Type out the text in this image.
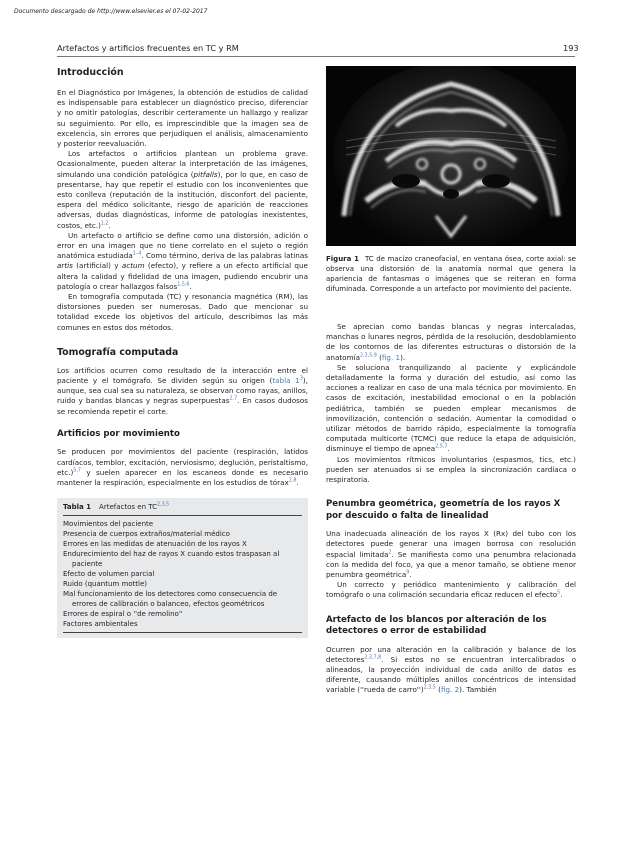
Documento descargado de http://www.elsevier.es el 07-02-2017
Artefactos y artificios frecuentes en TC y RM	193
Introducción

En el Diagnóstico por Imágenes, la obtención de estudios de calidad es indispensable para establecer un diagnóstico preciso, diferenciar y no omitir patologías, describir certeramente un hallazgo y realizar su seguimiento. Por ello, es imprescindible que la imagen sea de excelencia, sin errores que perjudiquen el análisis, almacenamiento y posterior reevaluación.

Los artefactos o artificios plantean un problema grave. Ocasionalmente, pueden alterar la interpretación de las imágenes, simulando una condición patológica (pitfalls), por lo que, en caso de presentarse, hay que repetir el estudio con los inconvenientes que esto conlleva (reputación de la institución, disconfort del paciente, espera del médico solicitante, riesgo de aparición de reacciones adversas, dudas diagnósticas, informe de patologías inexistentes, costos, etc.)$^{1,2}$.

Un artefacto o artificio se define como una distorsión, adición o error en una imagen que no tiene correlato en el sujeto o región anatómica estudiada$^{1-4}$. Como término, deriva de las palabras latinas artis (artificial) y actum (efecto), y refiere a un efecto artificial que altera la calidad y fidelidad de una imagen, pudiendo encubrir una patología o crear hallazgos falsos$^{1,5,6}$.

En tomografía computada (TC) y resonancia magnética (RM), las distorsiones pueden ser numerosas. Dado que mencionar su totalidad excede los objetivos del artículo, describimos las más comunes en estos dos métodos.

Tomografía computada

Los artificios ocurren como resultado de la interacción entre el paciente y el tomógrafo. Se dividen según su origen (tabla $1^3$), aunque, sea cual sea su naturaleza, se observan como rayas, anillos, ruido y bandas blancas y negras superpuestas$^{2,7}$. En casos dudosos se recomienda repetir el corte.

Artificios por movimiento

Se producen por movimientos del paciente (respiración, latidos cardíacos, temblor, excitación, nerviosismo, deglución, peristaltismo, etc.)$^{5,7}$ y suelen aparecer en los escaneos donde es necesario mantener la respiración, especialmente en los estudios de tórax$^{2,8}$.

Tabla 1 Artefactos en TC$^{2,3,5}$
Movimientos del paciente
Presencia de cuerpos extraños/material médico
Errores en las medidas de atenuación de los rayos X
Endurecimiento del haz de rayos X cuando estos traspasan al paciente
Efecto de volumen parcial
Ruido (quantum mottle)
Mal funcionamiento de los detectores como consecuencia de errores de calibración o balanceo, efectos geométricos
Errores de espiral o ''de remolino''
Factores ambientales
Figura 1 TC de macizo craneofacial, en ventana ósea, corte axial: se observa una distorsión de la anatomía normal que genera la apariencia de fantasmas o imágenes que se reiteran en forma difuminada. Corresponde a un artefacto por movimiento del paciente.

Se aprecian como bandas blancas y negras intercaladas, manchas o lunares negros, pérdida de la resolución, desdoblamiento de los contornos de las diferentes estructuras o distorsión de la anatomía$^{2,3,5,9}$ (fig. 1).

Se soluciona tranquilizando al paciente y explicándole detalladamente la forma y duración del estudio, así como las acciones a realizar en caso de una mala técnica por movimiento. En casos de excitación, inestabilidad emocional o en la población pediátrica, también se pueden emplear mecanismos de inmovilización, contención o sedación. Aumentar la comodidad o utilizar métodos de barrido rápido, especialmente la tomografía computada multicorte (TCMC) que reduce la etapa de adquisición, disminuye el tiempo de apnea$^{2,5,7}$.

Los movimientos rítmicos involuntarios (espasmos, tics, etc.) pueden ser atenuados si se emplea la sincronización cardíaca o respiratoria.

Penumbra geométrica, geometría de los rayos X por descuido o falta de linealidad

Una inadecuada alineación de los rayos X (Rx) del tubo con los detectores puede generar una imagen borrosa con resolución espacial limitada$^2$. Se manifiesta como una penumbra relacionada con la medida del foco, ya que a menor tamaño, se obtiene menor penumbra geométrica$^9$.

Un correcto y periódico mantenimiento y calibración del tomógrafo o una colimación secundaria eficaz reducen el efecto$^5$.

Artefacto de los blancos por alteración de los detectores o error de estabilidad

Ocurren por una alteración en la calibración y balance de los detectores$^{2,3,7,8}$. Si estos no se encuentran intercalibrados o alineados, la proyección individual de cada anillo de datos es diferente, causando múltiples anillos concéntricos de intensidad variable (''rueda de carro'')$^{2,3,5}$ (fig. 2). También
